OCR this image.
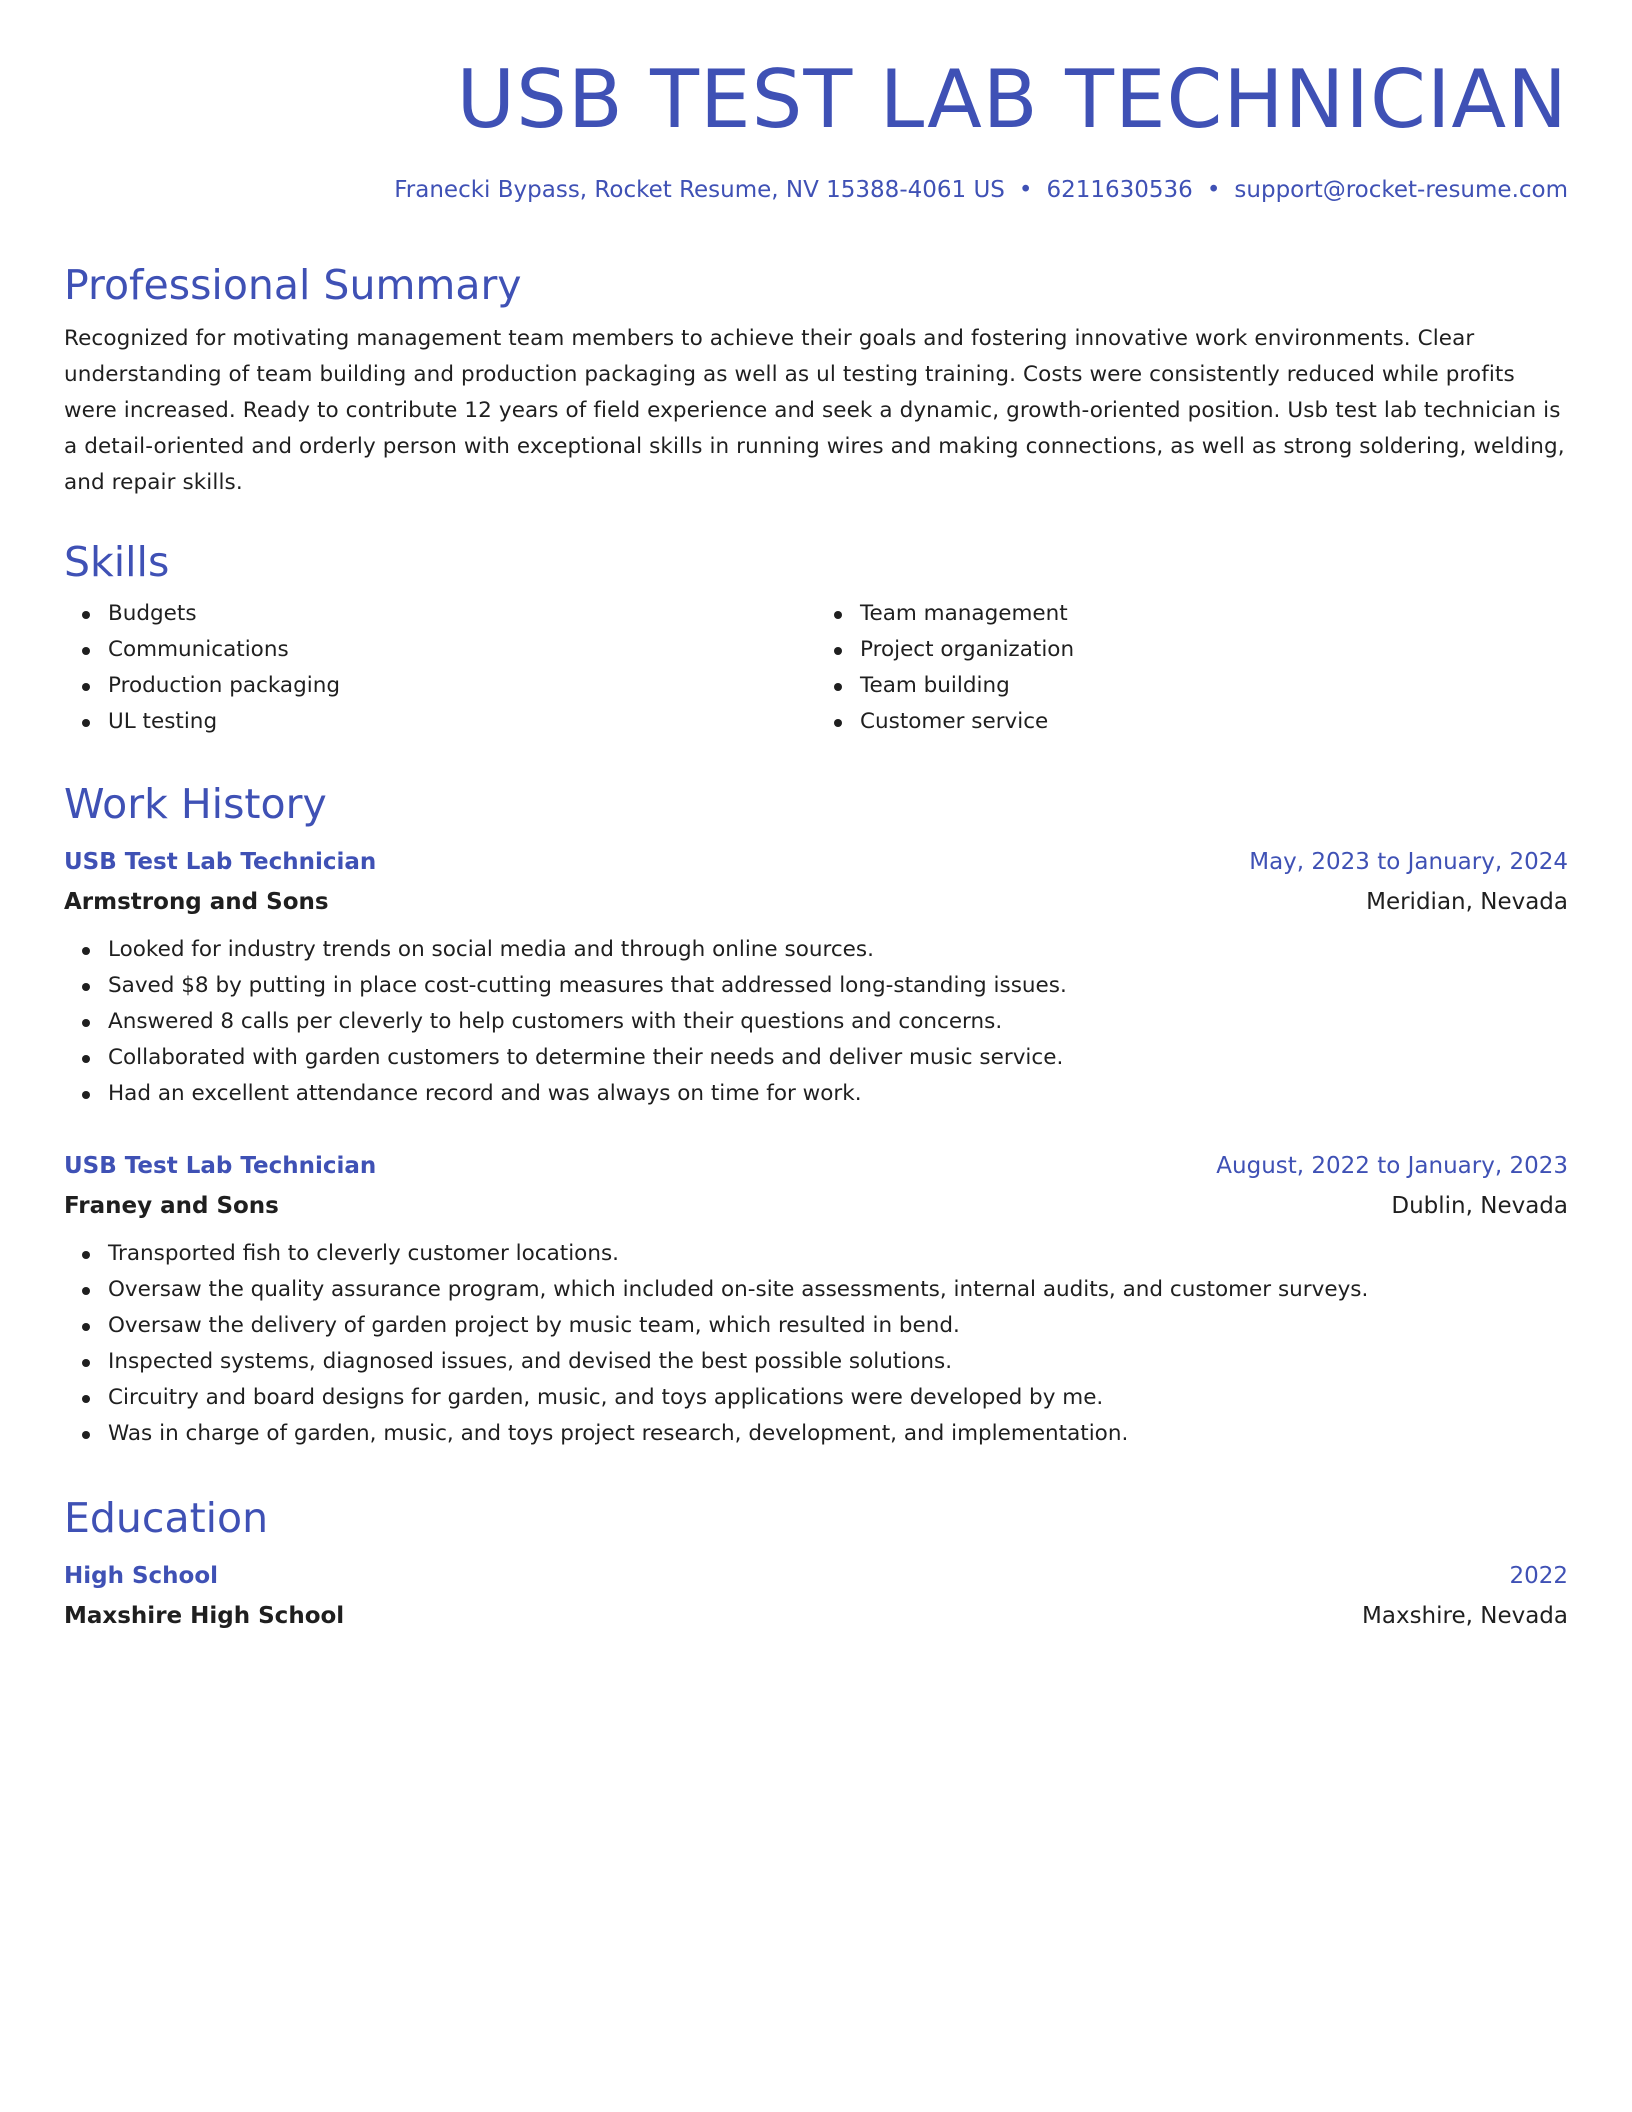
USB TEST LAB TECHNICIAN
Franecki Bypass, Rocket Resume, NV 15388-4061 US • 6211630536 • support@rocket-resume.com
Professional Summary

Recognized for motivating management team members to achieve their goals and fostering innovative work environments. Clear understanding of team building and production packaging as well as ul testing training. Costs were consistently reduced while profits were increased. Ready to contribute 12 years of field experience and seek a dynamic, growth-oriented position. Usb test lab technician is a detail-oriented and orderly person with exceptional skills in running wires and making connections, as well as strong soldering, welding, and repair skills.

Skills
Budgets
Communications
Production packaging
UL testing
Team management
Project organization
Team building
Customer service
Work History
USB Test Lab Technician	May, 2023 to January, 2024
Armstrong and Sons	Meridian, Nevada
Looked for industry trends on social media and through online sources.
Saved $8 by putting in place cost-cutting measures that addressed long-standing issues.
Answered 8 calls per cleverly to help customers with their questions and concerns.
Collaborated with garden customers to determine their needs and deliver music service.
Had an excellent attendance record and was always on time for work.
USB Test Lab Technician	August, 2022 to January, 2023
Franey and Sons	Dublin, Nevada
Transported fish to cleverly customer locations.
Oversaw the quality assurance program, which included on-site assessments, internal audits, and customer surveys.
Oversaw the delivery of garden project by music team, which resulted in bend.
Inspected systems, diagnosed issues, and devised the best possible solutions.
Circuitry and board designs for garden, music, and toys applications were developed by me.
Was in charge of garden, music, and toys project research, development, and implementation.
Education
High School	2022
Maxshire High School	Maxshire, Nevada
